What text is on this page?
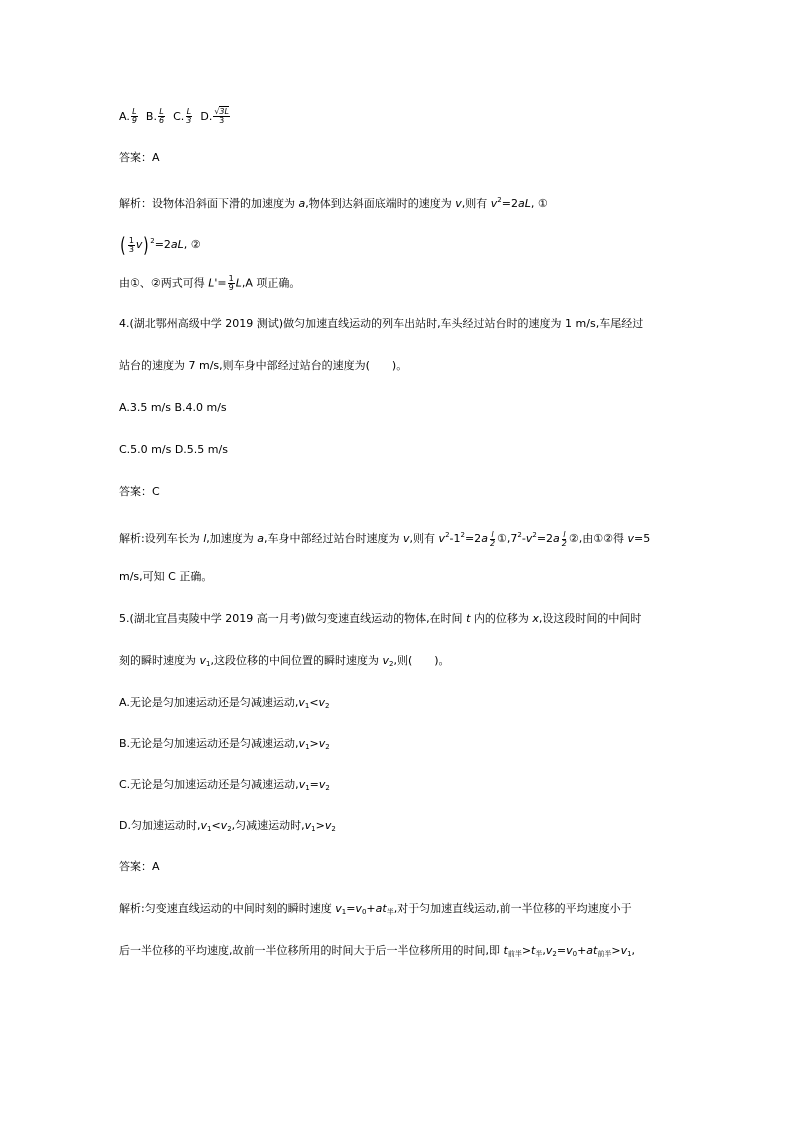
A. $\frac{L}{9} B$. $\frac{L}{6} C$. $\frac{L}{3} D$. $\frac{√3L}{3}$
答案：A
解析：设物体沿斜面下滑的加速度为 a,物体到达斜面底端时的速度为 v,则有 $v^2=2aL$, ①
( $\frac{1}{3} v)^2=2aL$, ②
由①、②两式可得 $L'= \frac{1}{9} L,A$ 项正确。
4.(湖北鄂州高级中学 2019 测试)做匀加速直线运动的列车出站时,车头经过站台时的速度为 1 m/s,车尾经过
站台的速度为 7 m/s,则车身中部经过站台的速度为(　　)。
A.3.5 m/s B.4.0 m/s
C.5.0 m/s D.5.5 m/s
答案：C
解析:设列车长为 l,加速度为 a,车身中部经过站台时速度为 v,则有 $v^2-1^2=2a \frac{l}{2}$ $①,7^2-v^2=2a \frac{l}{2}$ ②,由①②得 v=5
m/s,可知 C 正确。
5.(湖北宜昌夷陵中学 2019 高一月考)做匀变速直线运动的物体,在时间 t 内的位移为 x,设这段时间的中间时
刻的瞬时速度为 $v_1$,这段位移的中间位置的瞬时速度为 $v_2$,则(　　)。
A.无论是匀加速运动还是匀减速运动$,v_1<v_2$
B.无论是匀加速运动还是匀减速运动$,v_1>v_2$
C.无论是匀加速运动还是匀减速运动$,v_1=v_2$
D.匀加速运动时$,v_1<v_2$,匀减速运动时$,v_1>v_2$
答案：A
解析:匀变速直线运动的中间时刻的瞬时速度 $v_1=v_0+at_半$,对于匀加速直线运动,前一半位移的平均速度小于
后一半位移的平均速度,故前一半位移所用的时间大于后一半位移所用的时间,即 $t_{前半}>t_半,v_2=v_0+at_{前半}>v_1$,
